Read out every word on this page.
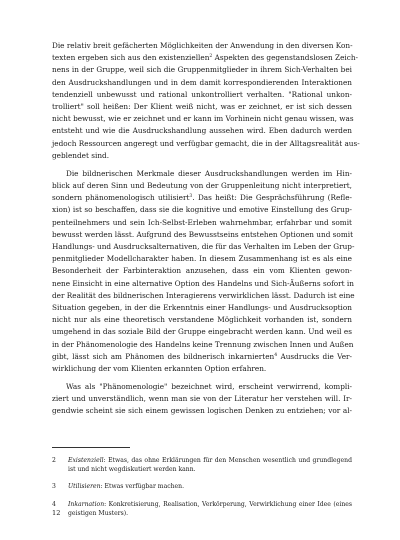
Die relativ breit gefächerten Möglichkeiten der Anwendung in den diversen Kon-
texten ergeben sich aus den existenziellen$^2$ Aspekten des gegenstandslosen Zeich-
nens in der Gruppe, weil sich die Gruppenmitglieder in ihrem Sich-Verhalten bei
den Ausdruckshandlungen und in dem damit korrespondierenden Interaktionen
tendenziell unbewusst und rational unkontrolliert verhalten. "Rational unkon-
trolliert" soll heißen: Der Klient weiß nicht, was er zeichnet, er ist sich dessen
nicht bewusst, wie er zeichnet und er kann im Vorhinein nicht genau wissen, was
entsteht und wie die Ausdruckshandlung aussehen wird. Eben dadurch werden
jedoch Ressourcen angeregt und verfügbar gemacht, die in der Alltagsrealität aus-
geblendet sind.
Die bildnerischen Merkmale dieser Ausdruckshandlungen werden im Hin-
blick auf deren Sinn und Bedeutung von der Gruppenleitung nicht interpretiert,
sondern phänomenologisch utilisiert$^3$. Das heißt: Die Gesprächsführung (Refle-
xion) ist so beschaffen, dass sie die kognitive und emotive Einstellung des Grup-
penteilnehmers und sein Ich-Selbst-Erleben wahrnehmbar, erfahrbar und somit
bewusst werden lässt. Aufgrund des Bewusstseins entstehen Optionen und somit
Handlungs- und Ausdrucksalternativen, die für das Verhalten im Leben der Grup-
penmitglieder Modellcharakter haben. In diesem Zusammenhang ist es als eine
Besonderheit der Farbinteraktion anzusehen, dass ein vom Klienten gewon-
nene Einsicht in eine alternative Option des Handelns und Sich-Äußerns sofort in
der Realität des bildnerischen Interagierens verwirklichen lässt. Dadurch ist eine
Situation gegeben, in der die Erkenntnis einer Handlungs- und Ausdrucksoption
nicht nur als eine theoretisch verstandene Möglichkeit vorhanden ist, sondern
umgehend in das soziale Bild der Gruppe eingebracht werden kann. Und weil es
in der Phänomenologie des Handelns keine Trennung zwischen Innen und Außen
gibt, lässt sich am Phänomen des bildnerisch inkarnierten$^4$ Ausdrucks die Ver-
wirklichung der vom Klienten erkannten Option erfahren.
Was als "Phänomenologie" bezeichnet wird, erscheint verwirrend, kompli-
ziert und unverständlich, wenn man sie von der Literatur her verstehen will. Ir-
gendwie scheint sie sich einem gewissen logischen Denken zu entziehen; vor al-
2 Existenziell: Etwas, das ohne Erklärungen für den Menschen wesentlich und grundlegend
ist und nicht wegdiskutiert werden kann.
3 Utilisieren: Etwas verfügbar machen.
4 Inkarnation: Konkretisierung, Realisation, Verkörperung, Verwirklichung einer Idee (eines
geistigen Musters).
12
